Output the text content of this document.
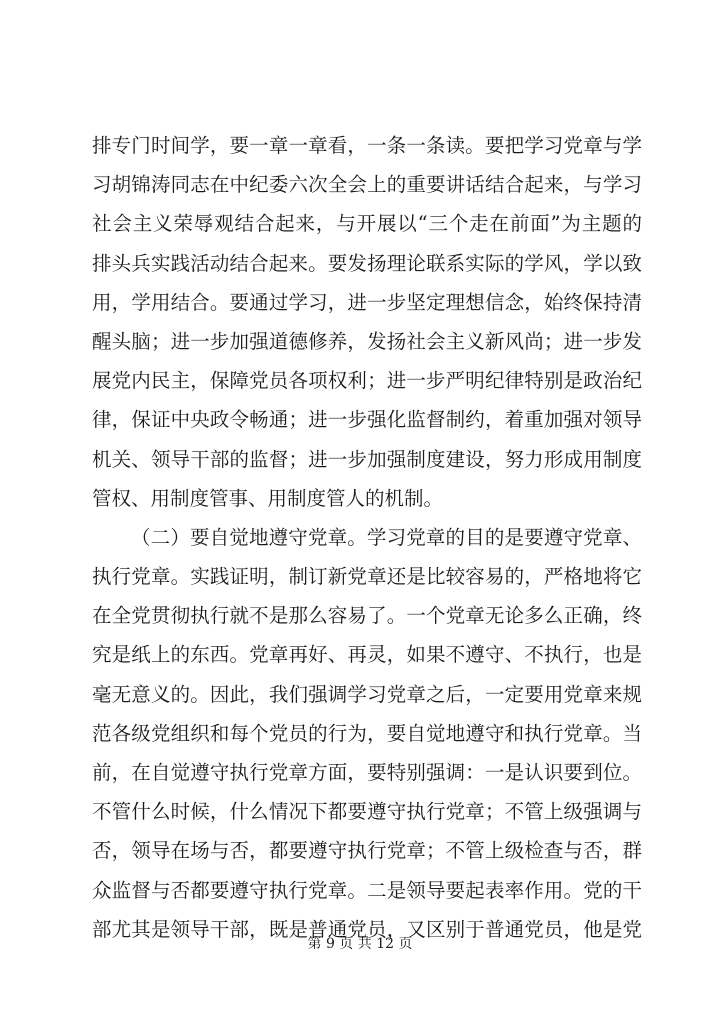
排专门时间学，要一章一章看，一条一条读。要把学习党章与学
习胡锦涛同志在中纪委六次全会上的重要讲话结合起来，与学习
社会主义荣辱观结合起来，与开展以“三个走在前面”为主题的
排头兵实践活动结合起来。要发扬理论联系实际的学风，学以致
用，学用结合。要通过学习，进一步坚定理想信念，始终保持清
醒头脑；进一步加强道德修养，发扬社会主义新风尚；进一步发
展党内民主，保障党员各项权利；进一步严明纪律特别是政治纪
律，保证中央政令畅通；进一步强化监督制约，着重加强对领导
机关、领导干部的监督；进一步加强制度建设，努力形成用制度
管权、用制度管事、用制度管人的机制。
（二）要自觉地遵守党章。学习党章的目的是要遵守党章、
执行党章。实践证明，制订新党章还是比较容易的，严格地将它
在全党贯彻执行就不是那么容易了。一个党章无论多么正确，终
究是纸上的东西。党章再好、再灵，如果不遵守、不执行，也是
毫无意义的。因此，我们强调学习党章之后，一定要用党章来规
范各级党组织和每个党员的行为，要自觉地遵守和执行党章。当
前，在自觉遵守执行党章方面，要特别强调：一是认识要到位。
不管什么时候，什么情况下都要遵守执行党章；不管上级强调与
否，领导在场与否，都要遵守执行党章；不管上级检查与否，群
众监督与否都要遵守执行党章。二是领导要起表率作用。党的干
部尤其是领导干部，既是普通党员，又区别于普通党员，他是党
第 9 页 共 12 页
